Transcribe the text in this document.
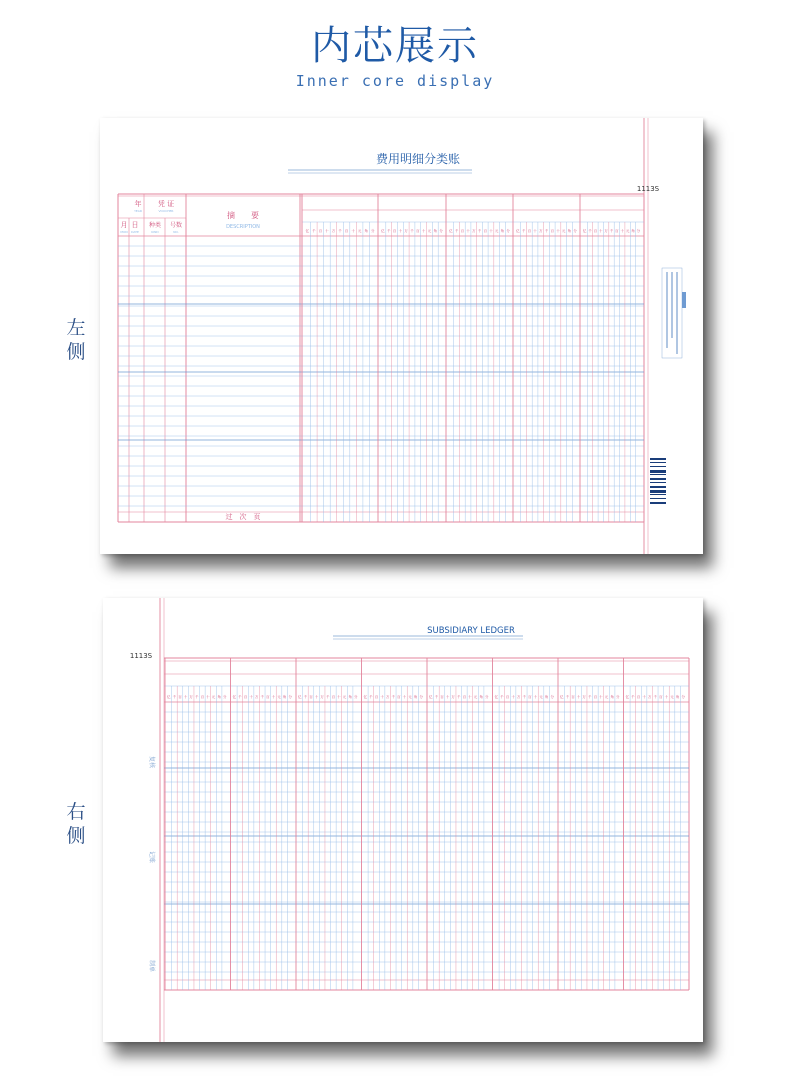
内芯展示
Inner core display
左
侧
右
侧
费用明细分类账
1113S
年
YEAR
凭 证
VOUCHER
月 日 种类 号数
MON DATE	KIND	NO.
摘　　要
DESCRIPTION
过　次　页
亿 千 百 十 万 千 百 十 元 角 分 亿 千 百 十 万 千 百 十 元 角 分 亿 千 百 十 万 千 百 十 元 角 分 亿 千 百 十 万 千 百 十 元 角 分 亿 千 百 十 万 千 百 十 元 角 分
SUBSIDIARY LEDGER
1113S
亿 千 百 十 万 千 百 十 元 角 分 亿 千 百 十 万 千 百 十 元 角 分 亿 千 百 十 万 千 百 十 元 角 分 亿 千 百 十 万 千 百 十 元 角 分 亿 千 百 十 万 千 百 十 元 角 分 亿 千 百 十 万 千 百 十 元 角 分 亿 千 百 十 万 千 百 十 元 角 分 亿 千 百 十 万 千 百 十 元 角 分
复核
记账
制单
